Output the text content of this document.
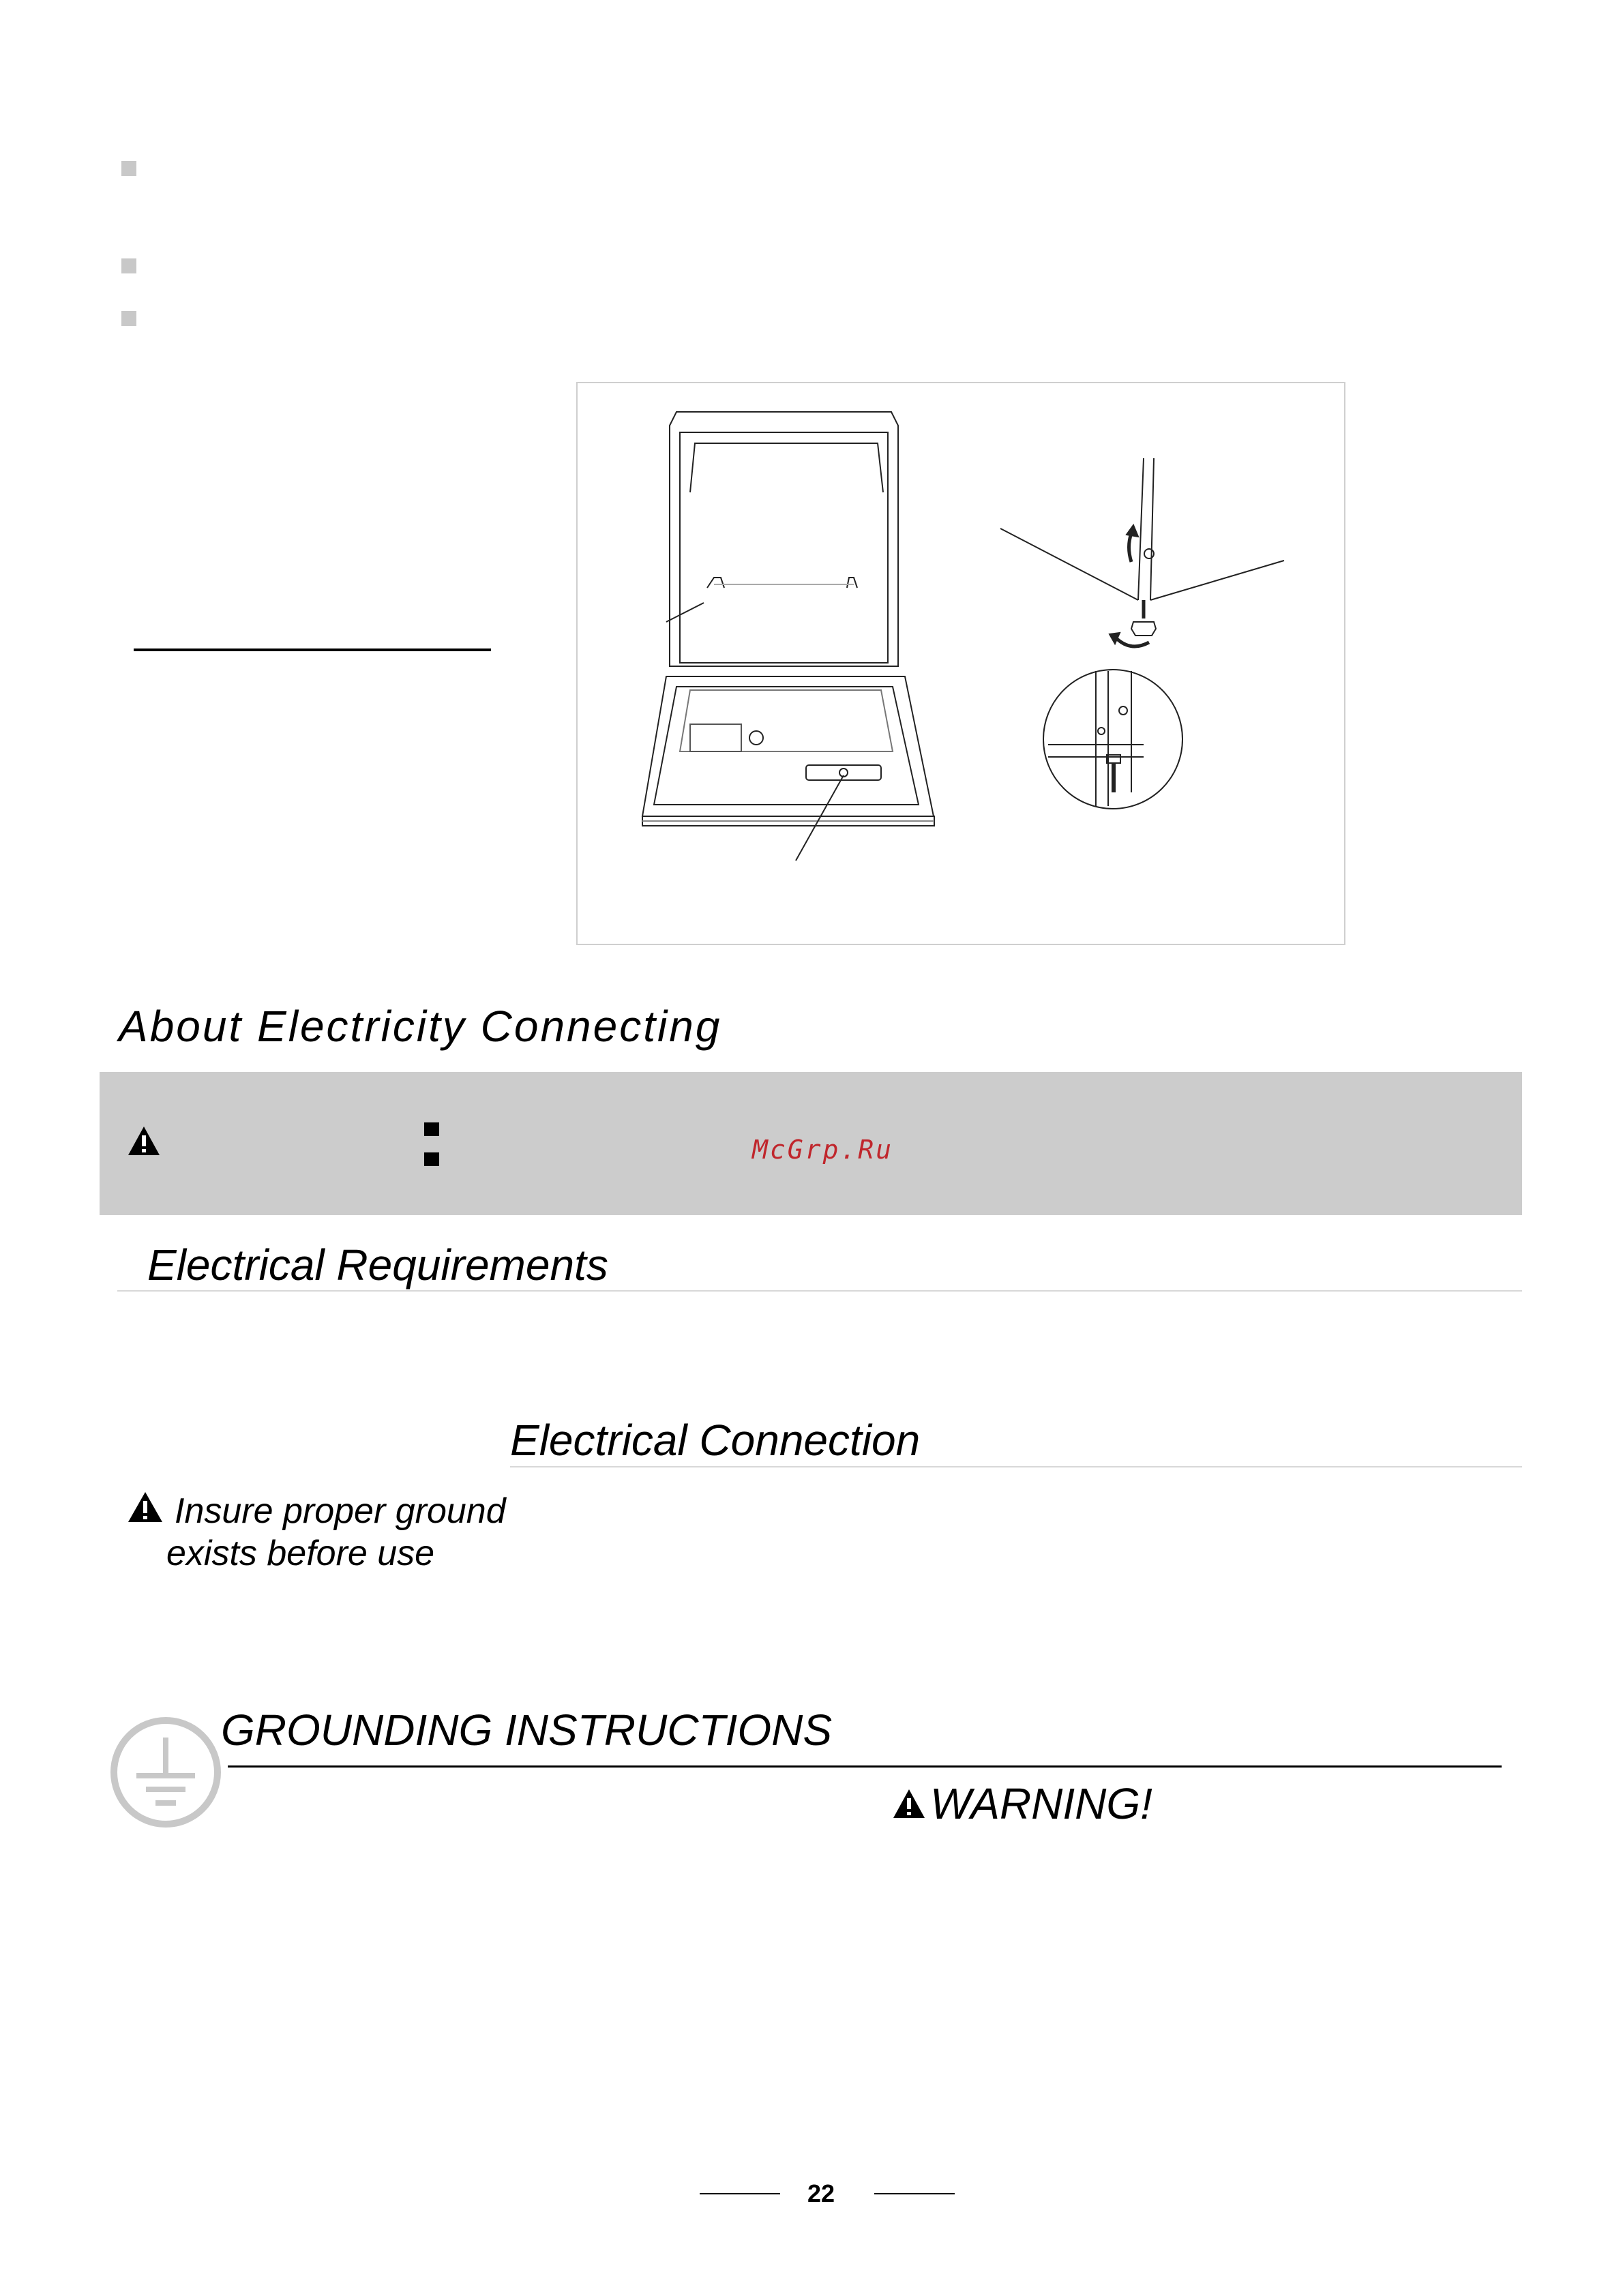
About Electricity Connecting
McGrp.Ru
Electrical Requirements
Electrical Connection
Insure proper ground
exists before use
GROUNDING INSTRUCTIONS
WARNING!
22
